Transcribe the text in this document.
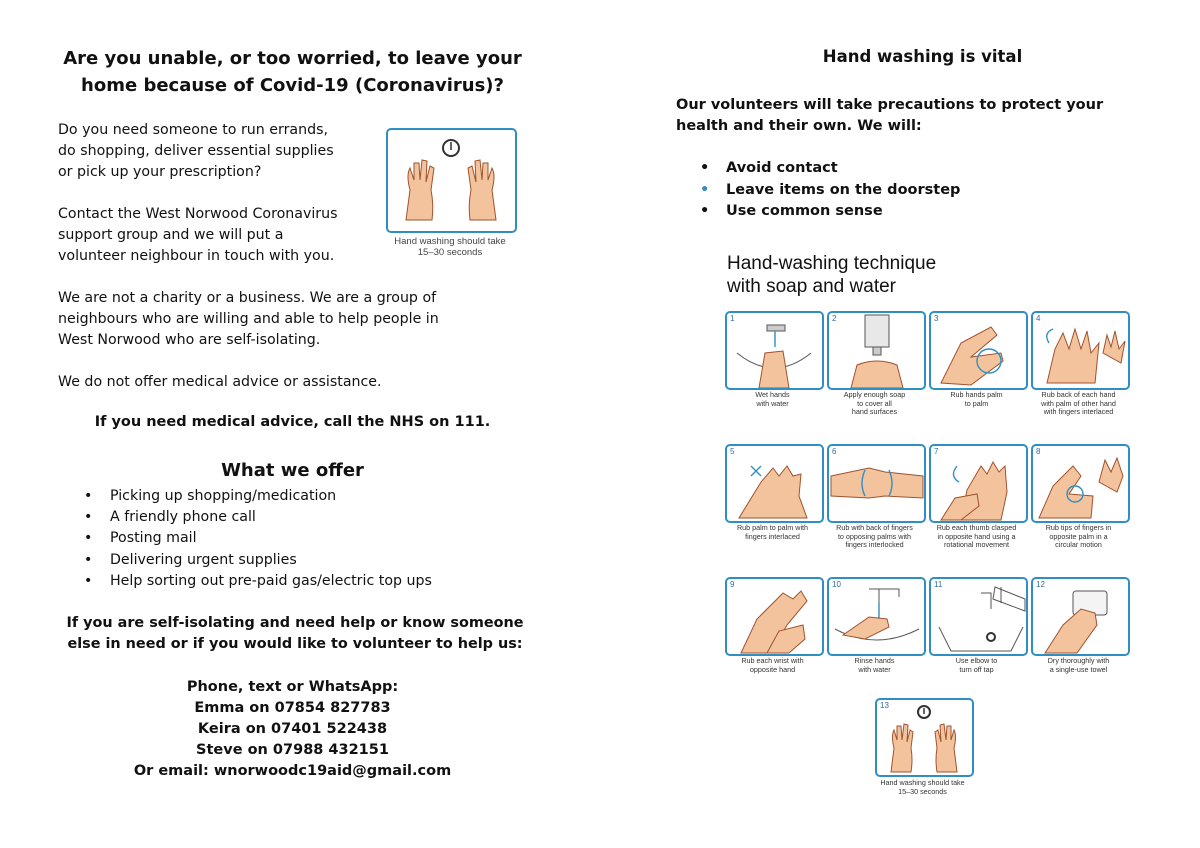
Are you unable, or too worried, to leave your home because of Covid-19 (Coronavirus)?
Do you need someone to run errands,
do shopping, deliver essential supplies
or pick up your prescription?
Contact the West Norwood Coronavirus
support group and we will put a
volunteer neighbour in touch with you.
Hand washing should take
15–30 seconds
We are not a charity or a business. We are a group of
neighbours who are willing and able to help people in
West Norwood who are self-isolating.
We do not offer medical advice or assistance.
If you need medical advice, call the NHS on 111.
What we offer
•	Picking up shopping/medication
•	A friendly phone call
•	Posting mail
•	Delivering urgent supplies
•	Help sorting out pre-paid gas/electric top ups
If you are self-isolating and need help or know someone else in need or if you would like to volunteer to help us:
Phone, text or WhatsApp:
Emma on 07854 827783
Keira on 07401 522438
Steve on 07988 432151
Or email: wnorwoodc19aid@gmail.com
Hand washing is vital
Our volunteers will take precautions to protect your health and their own. We will:
•	Avoid contact
•	Leave items on the doorstep
•	Use common sense
Hand-washing technique
with soap and water
1
Wet hands
with water
2
Apply enough soap
to cover all
hand surfaces
3
Rub hands palm
to palm
4
Rub back of each hand
with palm of other hand
with fingers interlaced
5
Rub palm to palm with
fingers interlaced
6
Rub with back of fingers
to opposing palms with
fingers interlocked
7
Rub each thumb clasped
in opposite hand using a
rotational movement
8
Rub tips of fingers in
opposite palm in a
circular motion
9
Rub each wrist with
opposite hand
10
Rinse hands
with water
11
Use elbow to
turn off tap
12
Dry thoroughly with
a single-use towel
13
Hand washing should take
15–30 seconds
